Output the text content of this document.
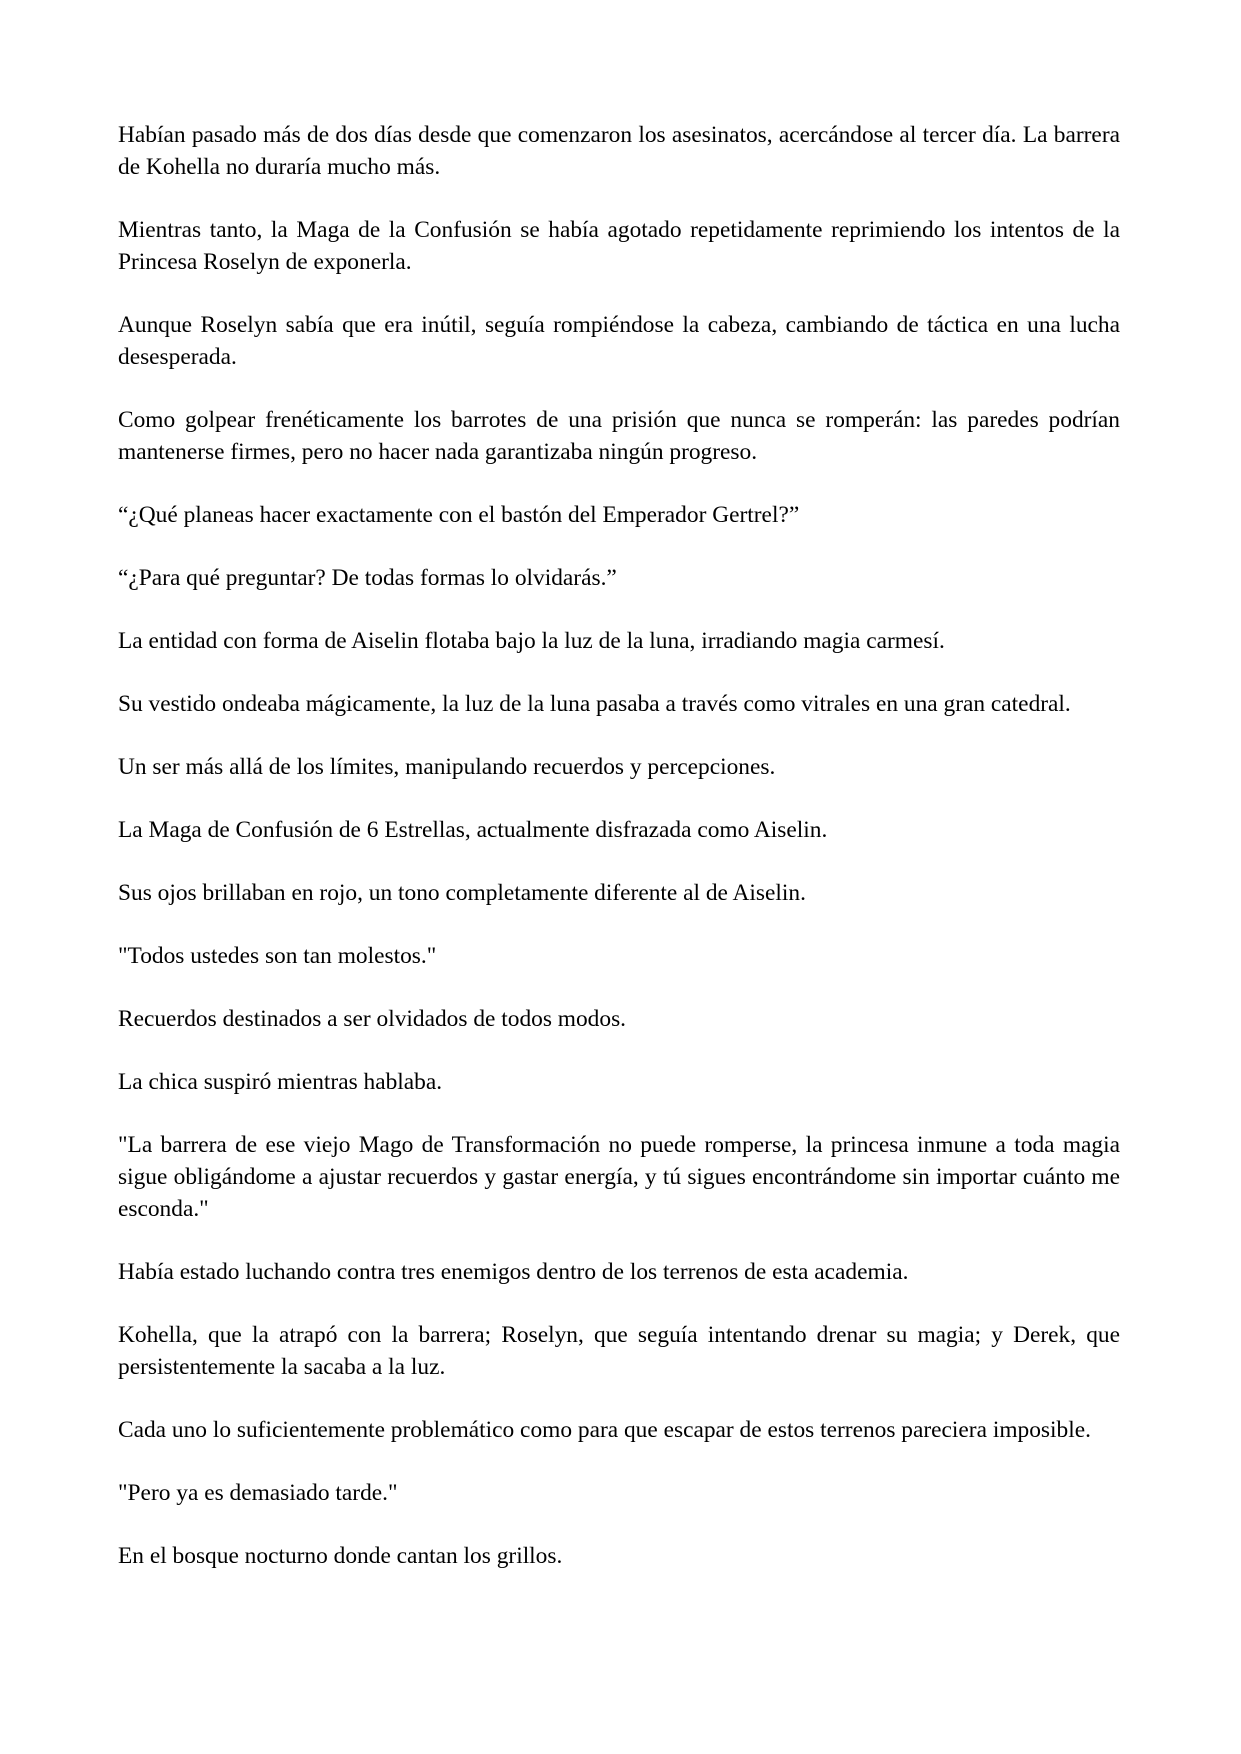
Habían pasado más de dos días desde que comenzaron los asesinatos, acercándose al tercer día. La barrera de Kohella no duraría mucho más.

Mientras tanto, la Maga de la Confusión se había agotado repetidamente reprimiendo los intentos de la Princesa Roselyn de exponerla.

Aunque Roselyn sabía que era inútil, seguía rompiéndose la cabeza, cambiando de táctica en una lucha desesperada.

Como golpear frenéticamente los barrotes de una prisión que nunca se romperán: las paredes podrían mantenerse firmes, pero no hacer nada garantizaba ningún progreso.

“¿Qué planeas hacer exactamente con el bastón del Emperador Gertrel?”

“¿Para qué preguntar? De todas formas lo olvidarás.”

La entidad con forma de Aiselin flotaba bajo la luz de la luna, irradiando magia carmesí.

Su vestido ondeaba mágicamente, la luz de la luna pasaba a través como vitrales en una gran catedral.

Un ser más allá de los límites, manipulando recuerdos y percepciones.

La Maga de Confusión de 6 Estrellas, actualmente disfrazada como Aiselin.

Sus ojos brillaban en rojo, un tono completamente diferente al de Aiselin.

"Todos ustedes son tan molestos."

Recuerdos destinados a ser olvidados de todos modos.

La chica suspiró mientras hablaba.

"La barrera de ese viejo Mago de Transformación no puede romperse, la princesa inmune a toda magia sigue obligándome a ajustar recuerdos y gastar energía, y tú sigues encontrándome sin importar cuánto me esconda."

Había estado luchando contra tres enemigos dentro de los terrenos de esta academia.

Kohella, que la atrapó con la barrera; Roselyn, que seguía intentando drenar su magia; y Derek, que persistentemente la sacaba a la luz.

Cada uno lo suficientemente problemático como para que escapar de estos terrenos pareciera imposible.

"Pero ya es demasiado tarde."

En el bosque nocturno donde cantan los grillos.
